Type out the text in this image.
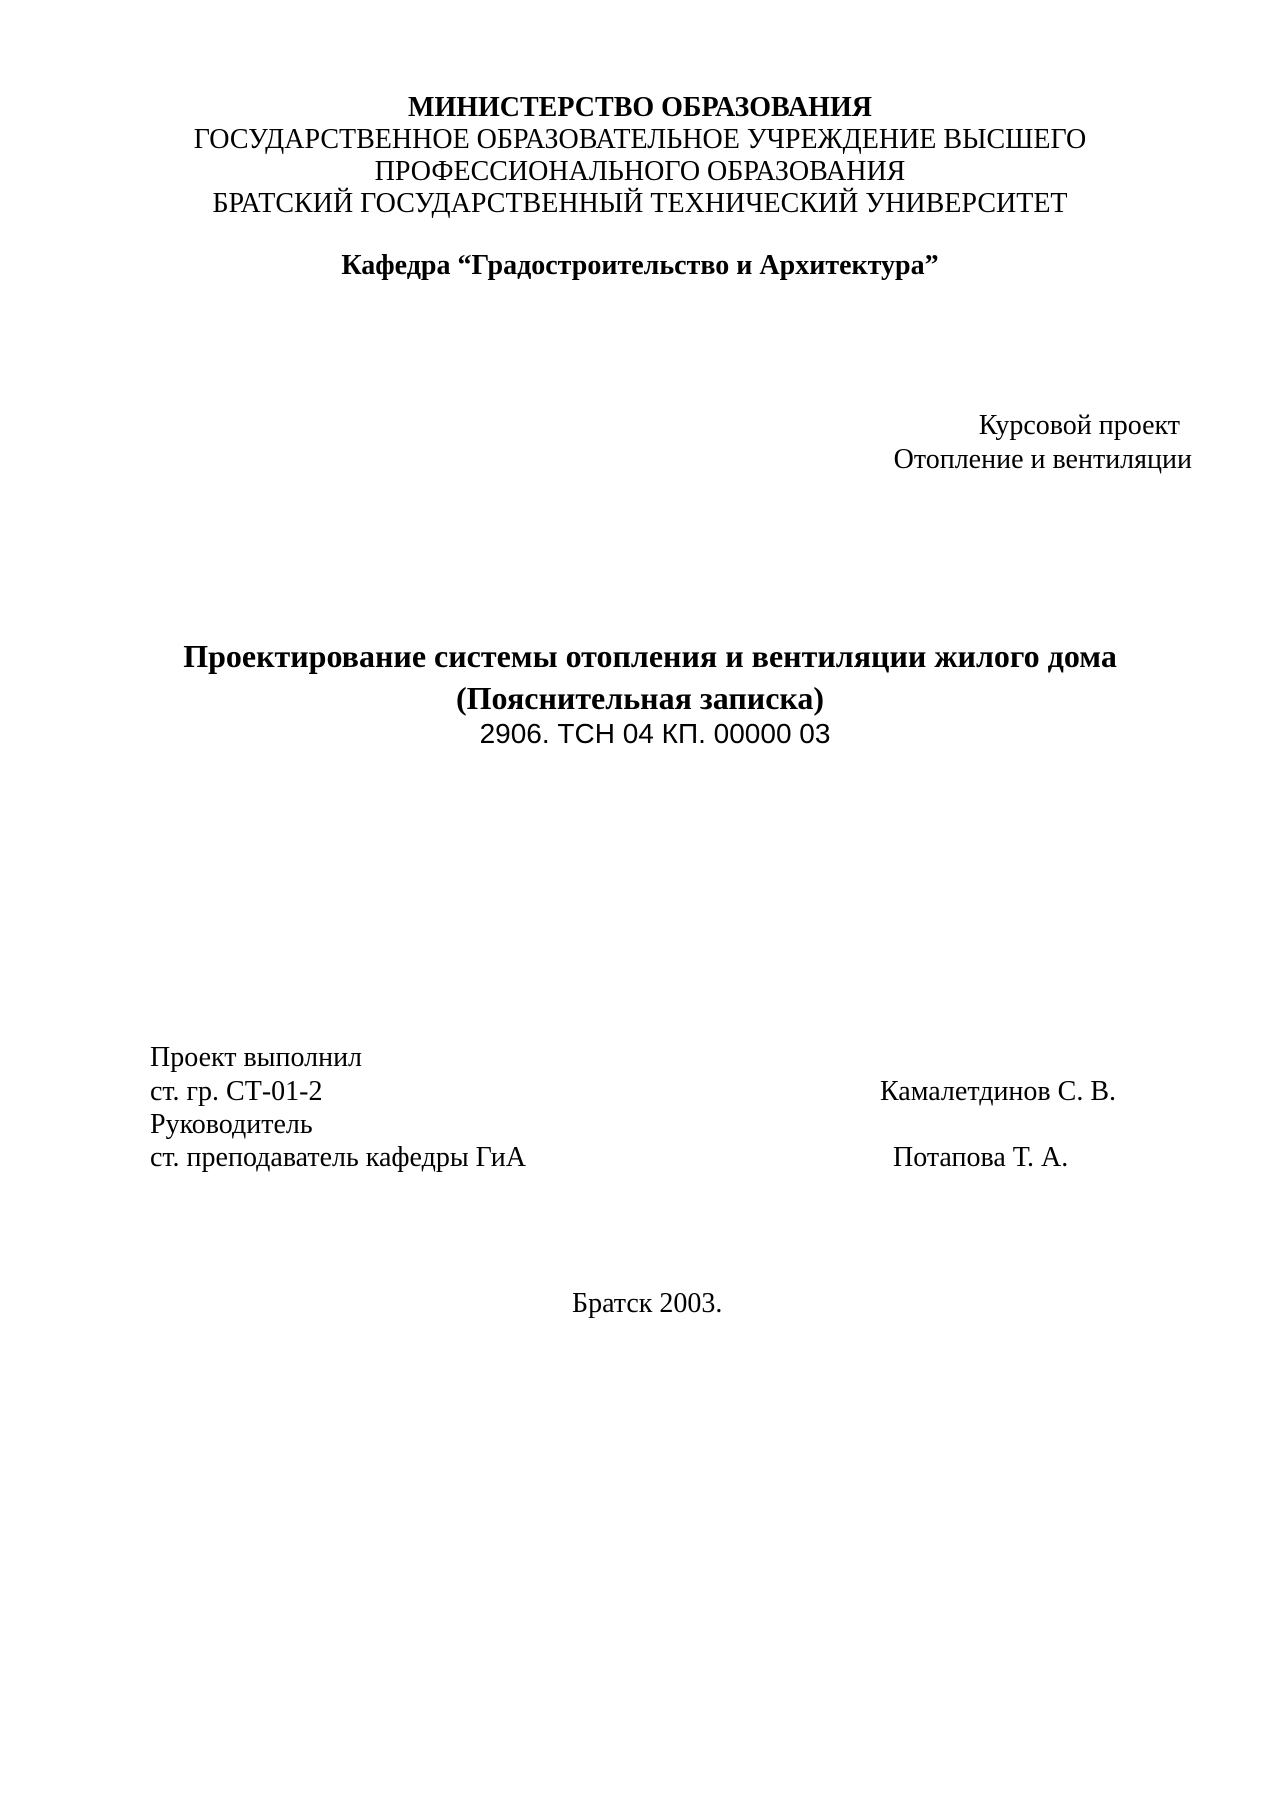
МИНИСТЕРСТВО ОБРАЗОВАНИЯ
ГОСУДАРСТВЕННОЕ ОБРАЗОВАТЕЛЬНОЕ УЧРЕЖДЕНИЕ ВЫСШЕГО
ПРОФЕССИОНАЛЬНОГО ОБРАЗОВАНИЯ
БРАТСКИЙ ГОСУДАРСТВЕННЫЙ ТЕХНИЧЕСКИЙ УНИВЕРСИТЕТ
Кафедра “Градостроительство и Архитектура”
Курсовой проект
Отопление и вентиляции
Проектирование системы отопления и вентиляции жилого дома
(Пояснительная записка)
2906. ТСН 04 КП. 00000 03
Проект выполнил
ст. гр. СТ-01-2	Камалетдинов С. В.
Руководитель
ст. преподаватель кафедры ГиА	Потапова Т. А.
Братск 2003.
